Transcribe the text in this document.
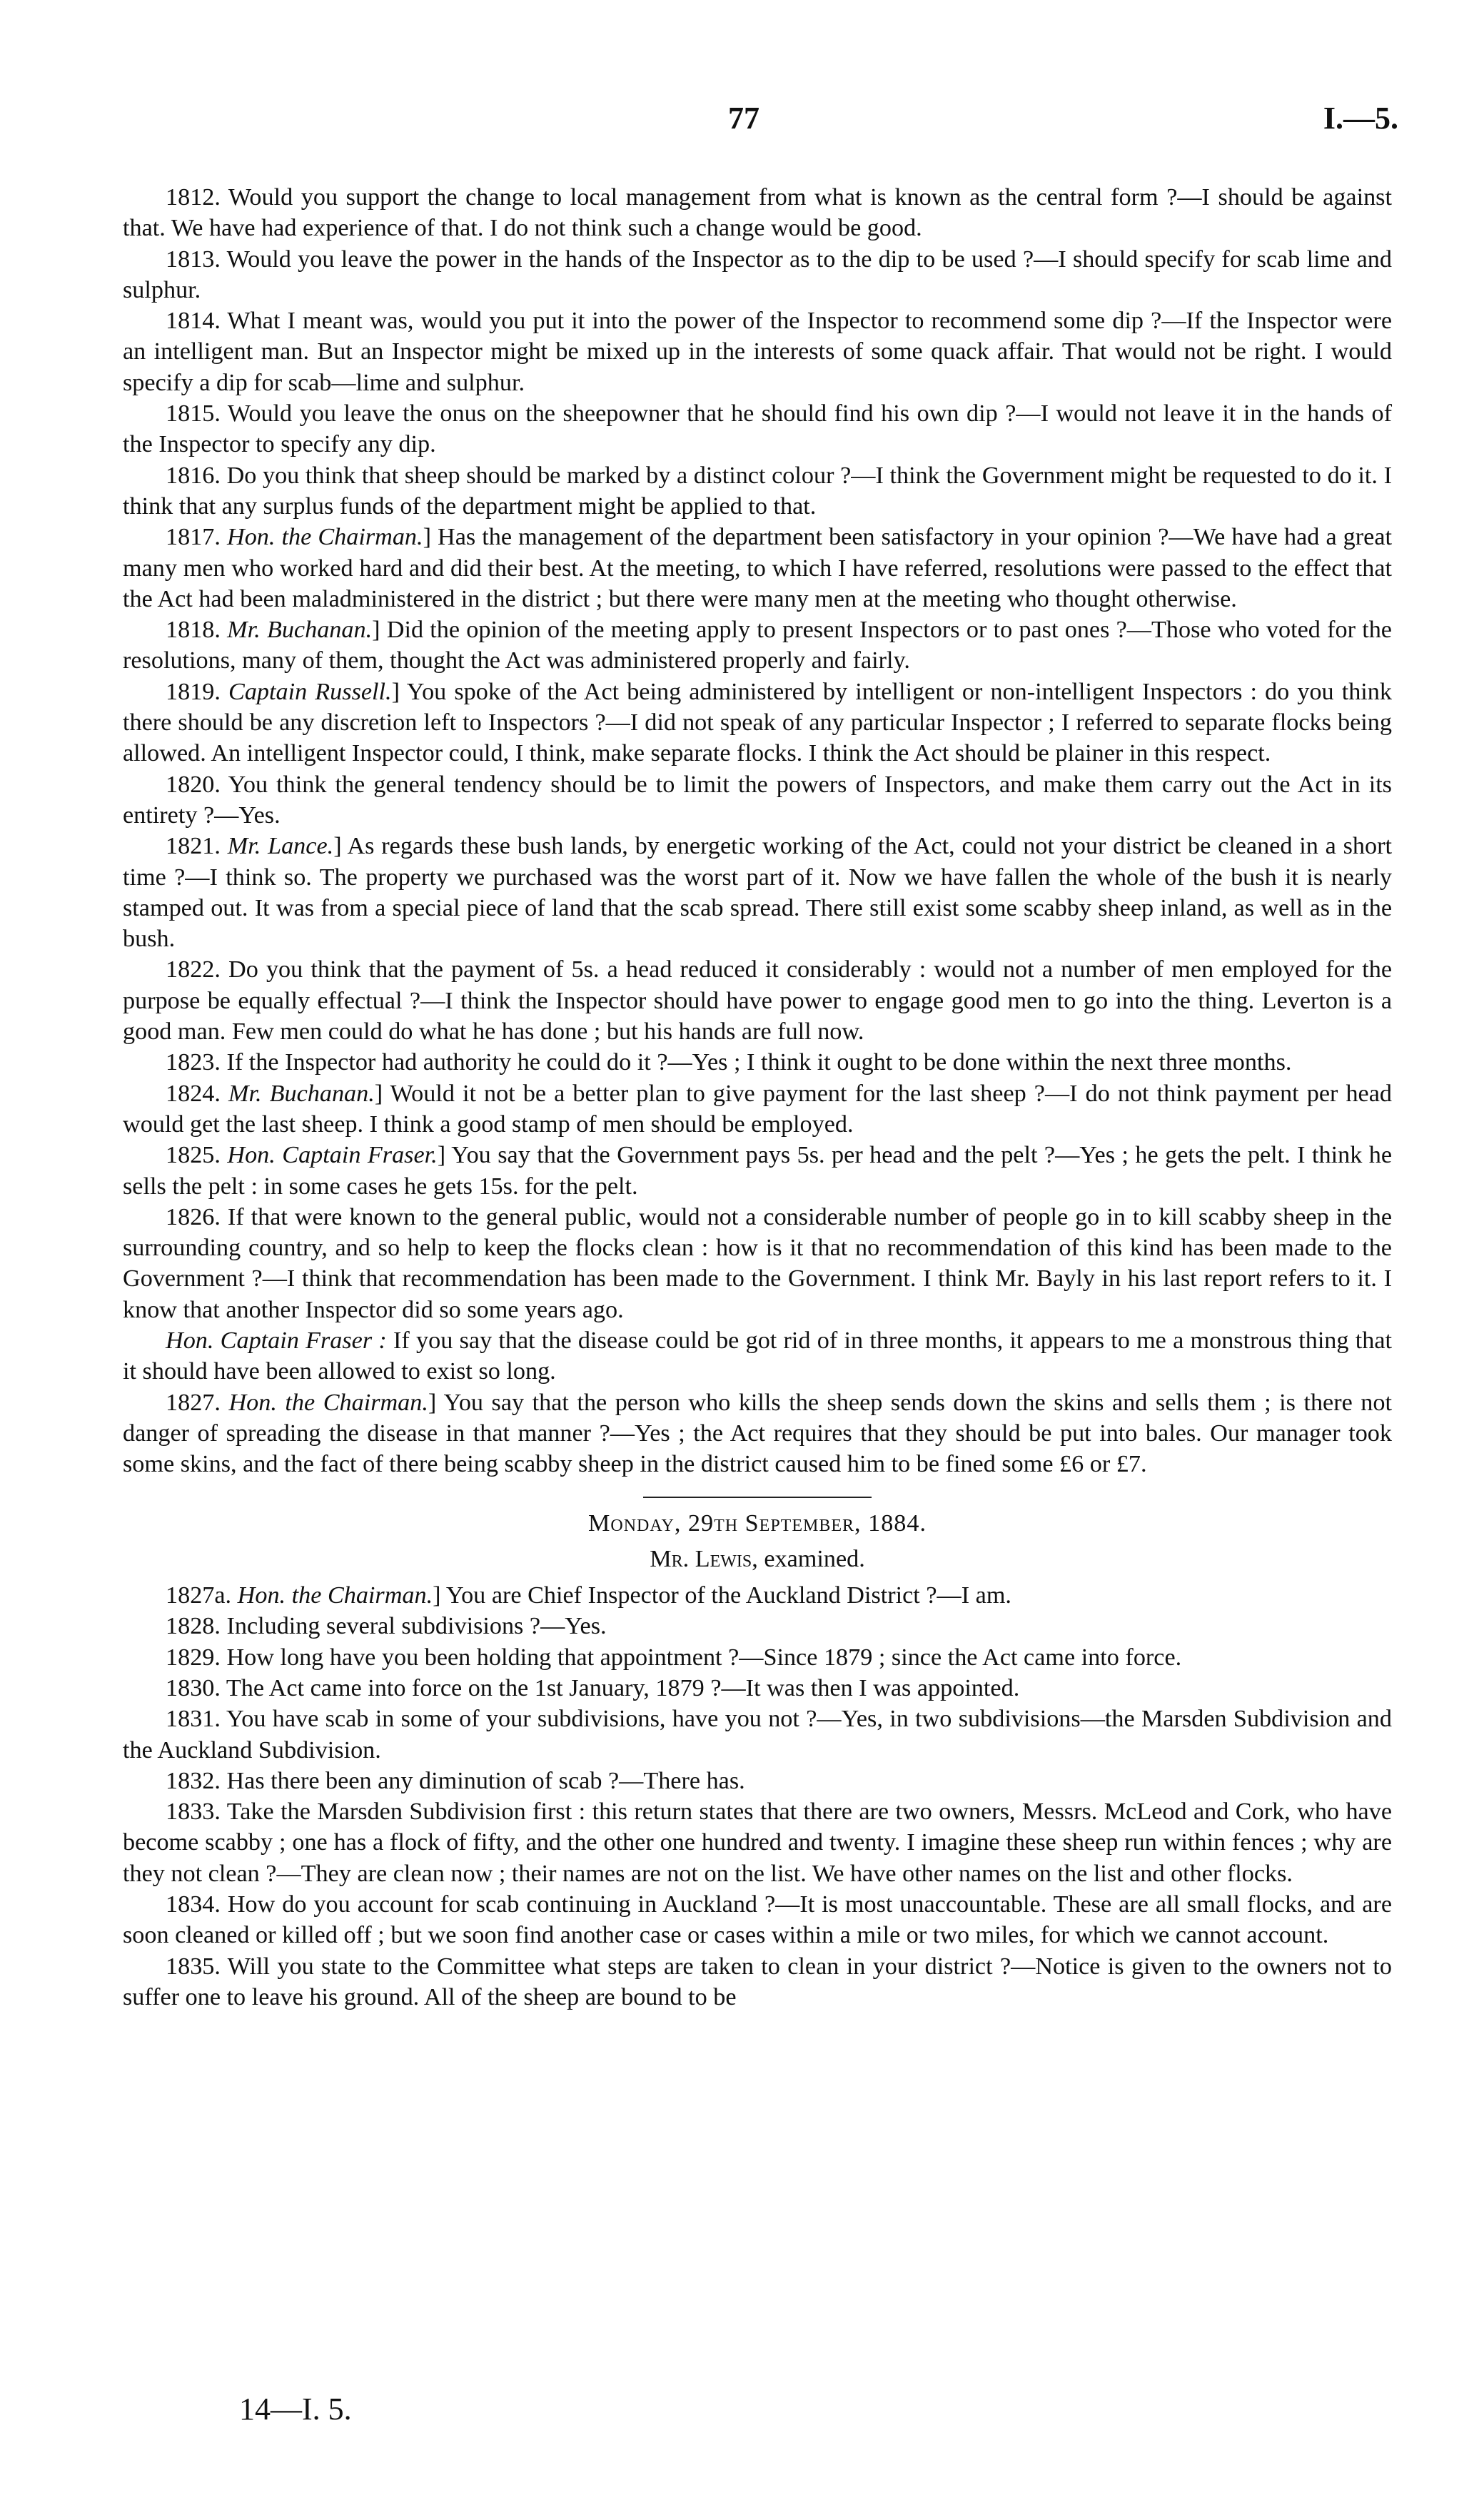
77	I.—5.

1812. Would you support the change to local management from what is known as the central form ?—I should be against that. We have had experience of that. I do not think such a change would be good.

1813. Would you leave the power in the hands of the Inspector as to the dip to be used ?—I should specify for scab lime and sulphur.

1814. What I meant was, would you put it into the power of the Inspector to recommend some dip ?—If the Inspector were an intelligent man. But an Inspector might be mixed up in the interests of some quack affair. That would not be right. I would specify a dip for scab—lime and sulphur.

1815. Would you leave the onus on the sheepowner that he should find his own dip ?—I would not leave it in the hands of the Inspector to specify any dip.

1816. Do you think that sheep should be marked by a distinct colour ?—I think the Government might be requested to do it. I think that any surplus funds of the department might be applied to that.

1817. Hon. the Chairman.] Has the management of the department been satisfactory in your opinion ?—We have had a great many men who worked hard and did their best. At the meeting, to which I have referred, resolutions were passed to the effect that the Act had been maladministered in the district ; but there were many men at the meeting who thought otherwise.

1818. Mr. Buchanan.] Did the opinion of the meeting apply to present Inspectors or to past ones ?—Those who voted for the resolutions, many of them, thought the Act was administered properly and fairly.

1819. Captain Russell.] You spoke of the Act being administered by intelligent or non-intelligent Inspectors : do you think there should be any discretion left to Inspectors ?—I did not speak of any particular Inspector ; I referred to separate flocks being allowed. An intelligent Inspector could, I think, make separate flocks. I think the Act should be plainer in this respect.

1820. You think the general tendency should be to limit the powers of Inspectors, and make them carry out the Act in its entirety ?—Yes.

1821. Mr. Lance.] As regards these bush lands, by energetic working of the Act, could not your district be cleaned in a short time ?—I think so. The property we purchased was the worst part of it. Now we have fallen the whole of the bush it is nearly stamped out. It was from a special piece of land that the scab spread. There still exist some scabby sheep inland, as well as in the bush.

1822. Do you think that the payment of 5s. a head reduced it considerably : would not a number of men employed for the purpose be equally effectual ?—I think the Inspector should have power to engage good men to go into the thing. Leverton is a good man. Few men could do what he has done ; but his hands are full now.

1823. If the Inspector had authority he could do it ?—Yes ; I think it ought to be done within the next three months.

1824. Mr. Buchanan.] Would it not be a better plan to give payment for the last sheep ?—I do not think payment per head would get the last sheep. I think a good stamp of men should be employed.

1825. Hon. Captain Fraser.] You say that the Government pays 5s. per head and the pelt ?—Yes ; he gets the pelt. I think he sells the pelt : in some cases he gets 15s. for the pelt.

1826. If that were known to the general public, would not a considerable number of people go in to kill scabby sheep in the surrounding country, and so help to keep the flocks clean : how is it that no recommendation of this kind has been made to the Government ?—I think that recommendation has been made to the Government. I think Mr. Bayly in his last report refers to it. I know that another Inspector did so some years ago.

Hon. Captain Fraser : If you say that the disease could be got rid of in three months, it appears to me a monstrous thing that it should have been allowed to exist so long.

1827. Hon. the Chairman.] You say that the person who kills the sheep sends down the skins and sells them ; is there not danger of spreading the disease in that manner ?—Yes ; the Act requires that they should be put into bales. Our manager took some skins, and the fact of there being scabby sheep in the district caused him to be fined some £6 or £7.

Monday, 29th September, 1884.

Mr. Lewis, examined.

1827a. Hon. the Chairman.] You are Chief Inspector of the Auckland District ?—I am.

1828. Including several subdivisions ?—Yes.

1829. How long have you been holding that appointment ?—Since 1879 ; since the Act came into force.

1830. The Act came into force on the 1st January, 1879 ?—It was then I was appointed.

1831. You have scab in some of your subdivisions, have you not ?—Yes, in two subdivisions—the Marsden Subdivision and the Auckland Subdivision.

1832. Has there been any diminution of scab ?—There has.

1833. Take the Marsden Subdivision first : this return states that there are two owners, Messrs. McLeod and Cork, who have become scabby ; one has a flock of fifty, and the other one hundred and twenty. I imagine these sheep run within fences ; why are they not clean ?—They are clean now ; their names are not on the list. We have other names on the list and other flocks.

1834. How do you account for scab continuing in Auckland ?—It is most unaccountable. These are all small flocks, and are soon cleaned or killed off ; but we soon find another case or cases within a mile or two miles, for which we cannot account.

1835. Will you state to the Committee what steps are taken to clean in your district ?—Notice is given to the owners not to suffer one to leave his ground. All of the sheep are bound to be

14—I. 5.
